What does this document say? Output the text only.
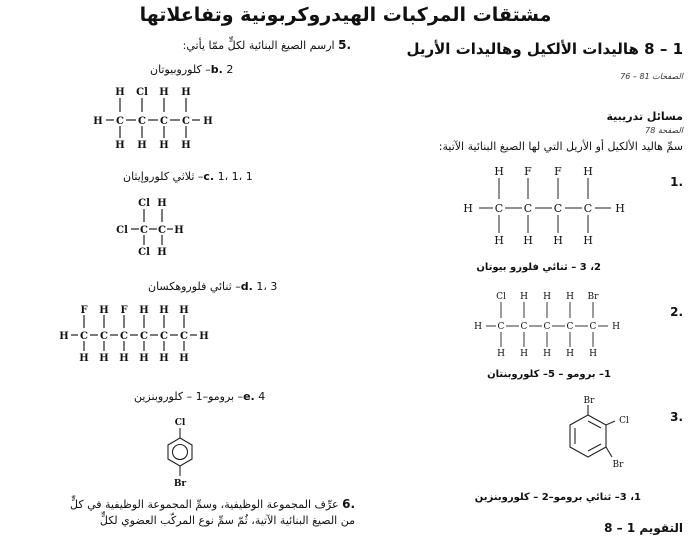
مشتقات المركبات الهيدروكربونية وتفاعلاتها
1 – 8 هاليدات الألكيل وهاليدات الأريل
الصفحات 81 – 76
مسائل تدريبية
الصفحة 78
سمِّ هاليد الألكيل أو الأريل التي لها الصيغ البنائية الآتية:
.1
.2
.3
2، 3 – ثنائي فلورو بيوتان
1– برومو – 5– كلوروبنتان
1، 3– ثنائي برومو–2 – كلوروبنزين
التقويم 1 – 8
H C C C C H
H F F H
H H H H
H C C C C C H
Cl H H H Br
H H H H H
Br
Cl
Br
.5 ارسم الصيغ البنائية لكلٍّ ممّا يأتي:
b. 2– كلوروبيوتان
H C C C C H
H Cl H H
H H H H
c. 1، 1، 1– ثلاثي كلوروإيثان
Cl C C H
Cl H
Cl H
d. 1، 3– ثنائي فلوروهكسان
H C C C C C C H
F H F H H H
H H H H H H
e. 4– برومو–1 – كلوروبنزين
Cl
Br
.6 عرِّف المجموعة الوظيفية، وسمِّ المجموعة الوظيفية في كلٍّ
من الصيغ البنائية الآتية، ثُمّ سمِّ نوع المركّب العضوي لكلٍّ
